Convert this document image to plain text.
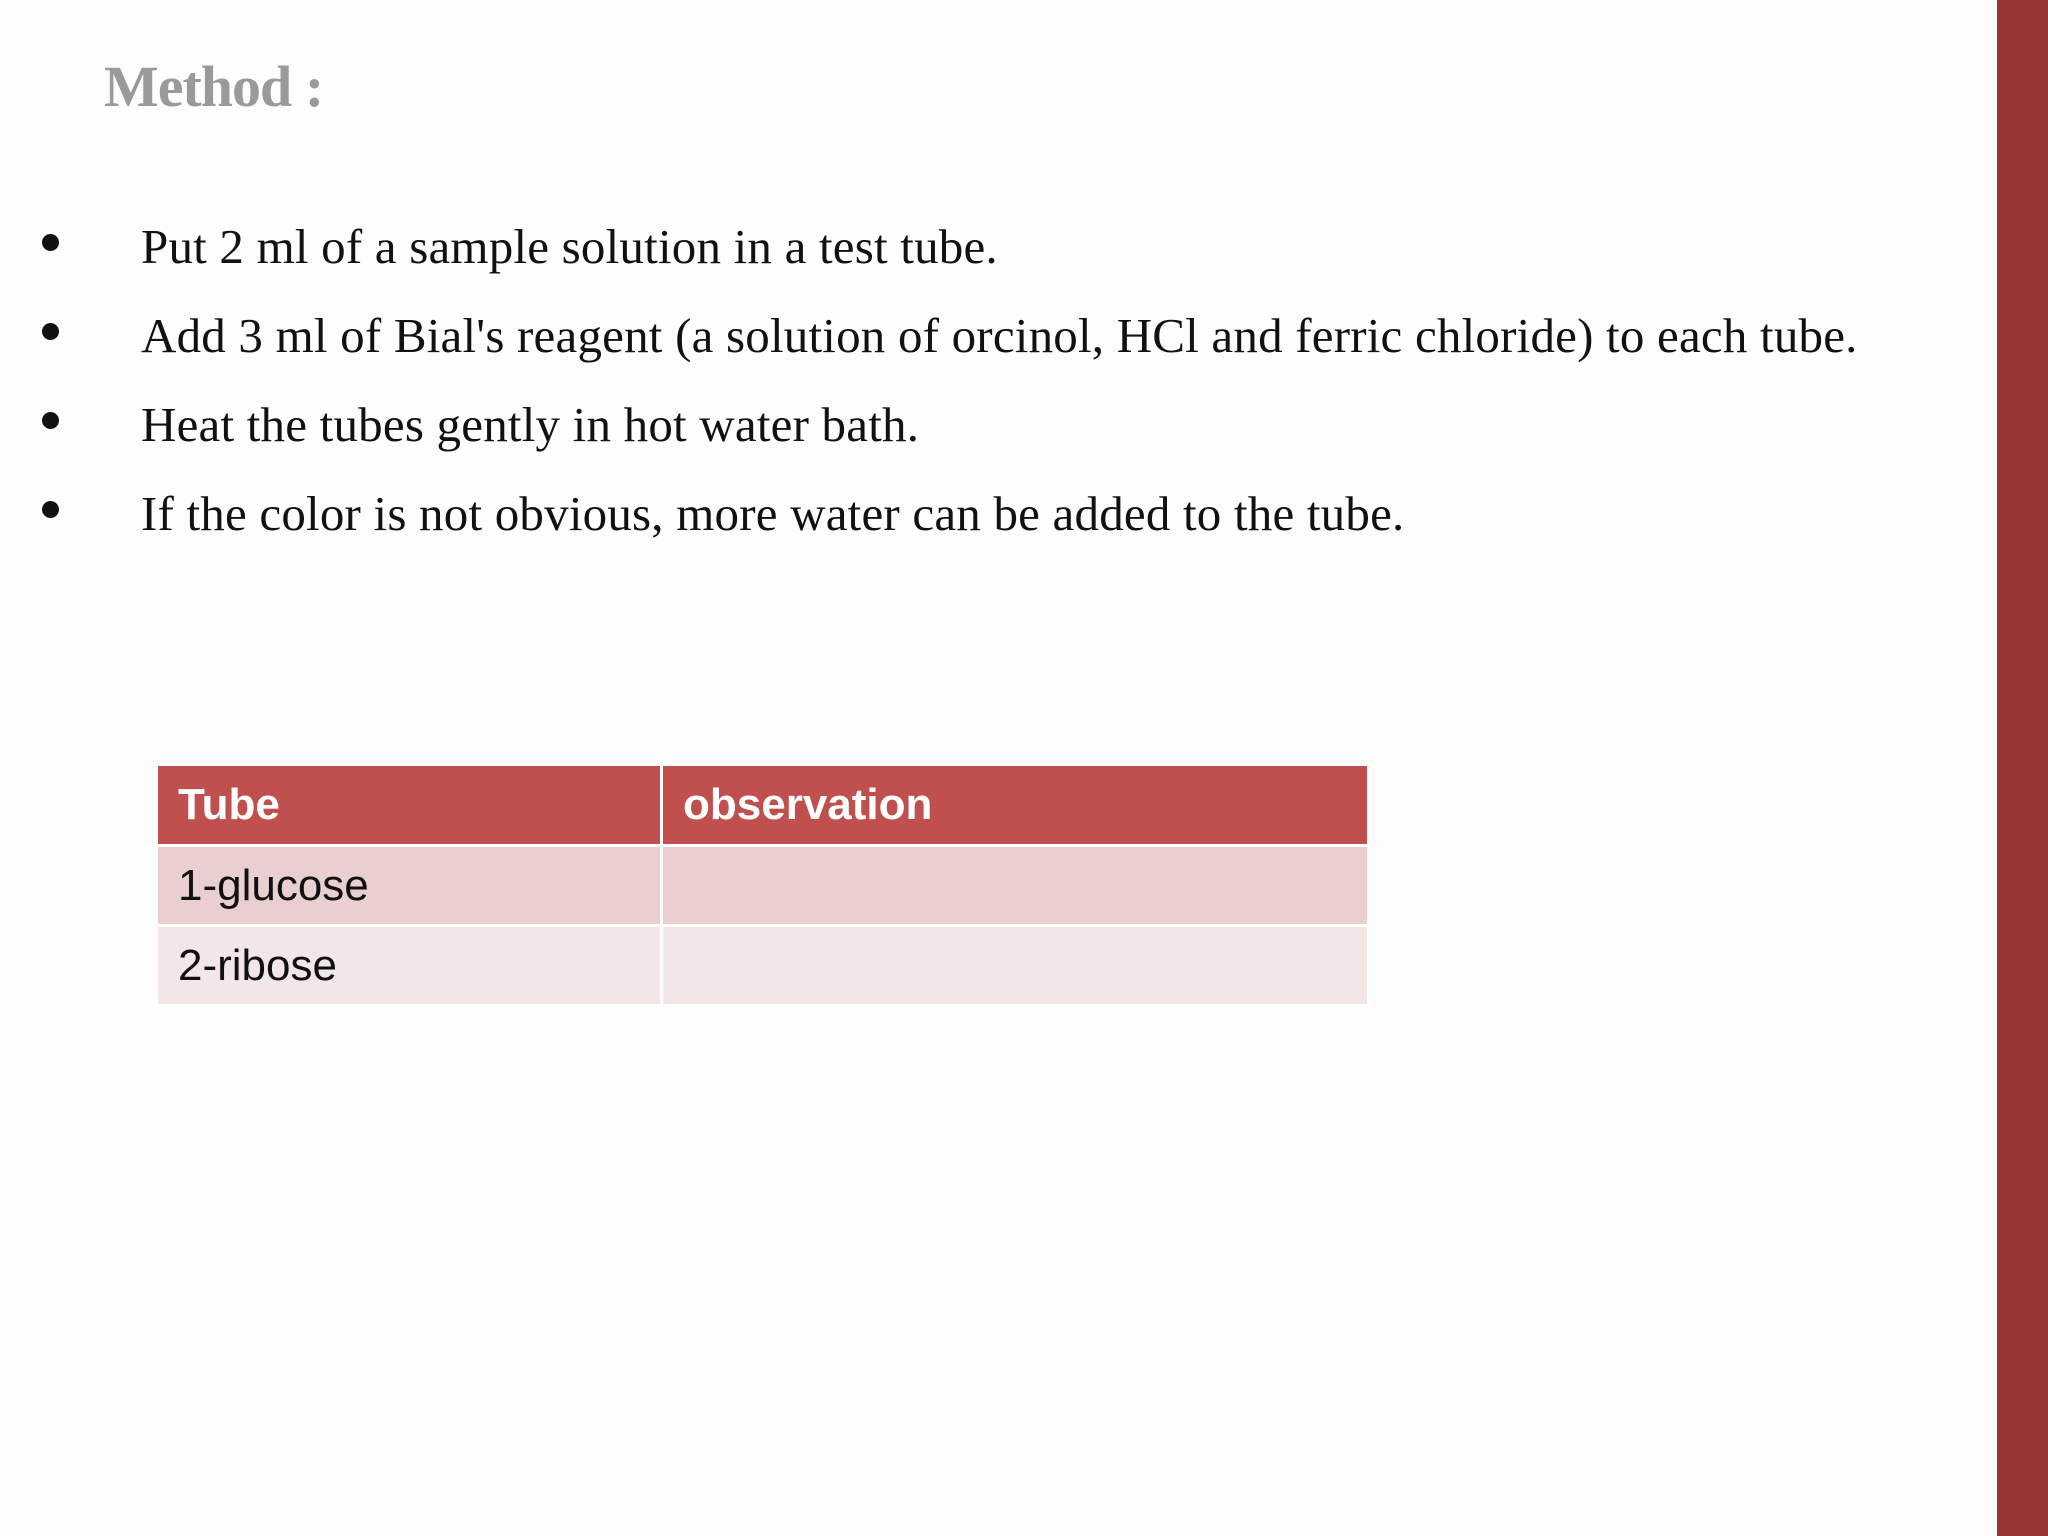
Method :
Put 2 ml of a sample solution in a test tube.
Add 3 ml of Bial's reagent (a solution of orcinol, HCl and ferric chloride) to each tube.
Heat the tubes gently in hot water bath.
If the color is not obvious, more water can be added to the tube.
Tube	observation
1-glucose	
2-ribose	
